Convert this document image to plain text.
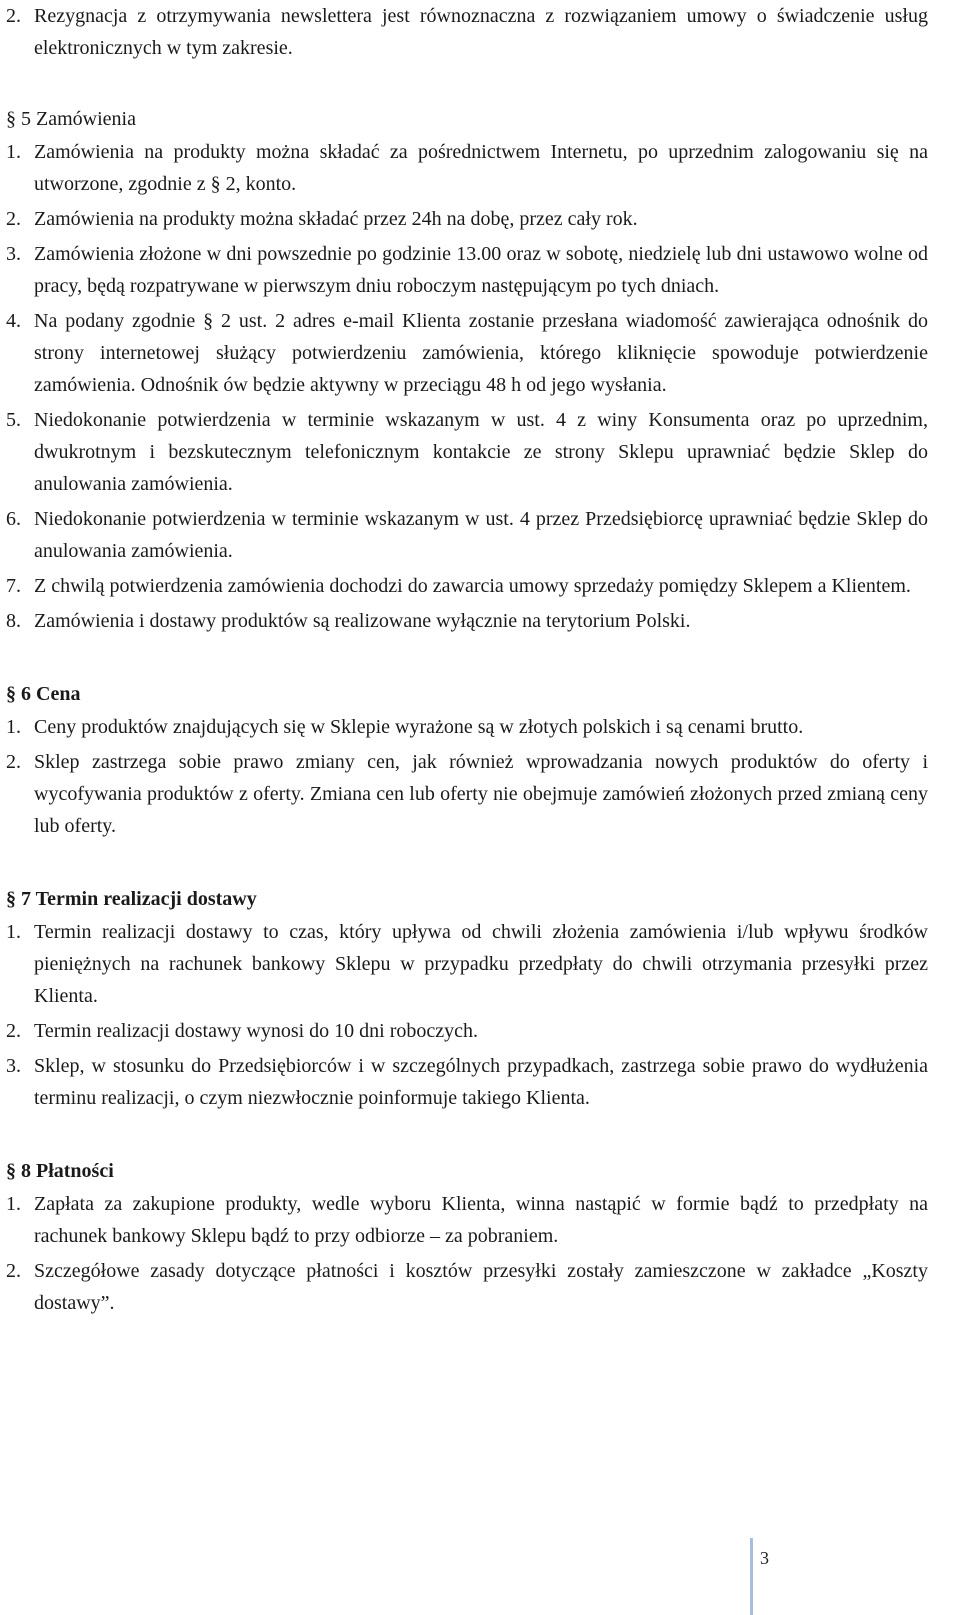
2. Rezygnacja z otrzymywania newslettera jest równoznaczna z rozwiązaniem umowy o świadczenie usług elektronicznych w tym zakresie.
§ 5 Zamówienia
1. Zamówienia na produkty można składać za pośrednictwem Internetu, po uprzednim zalogowaniu się na utworzone, zgodnie z § 2, konto.
2. Zamówienia na produkty można składać przez 24h na dobę, przez cały rok.
3. Zamówienia złożone w dni powszednie po godzinie 13.00 oraz w sobotę, niedzielę lub dni ustawowo wolne od pracy, będą rozpatrywane w pierwszym dniu roboczym następującym po tych dniach.
4. Na podany zgodnie § 2 ust. 2 adres e-mail Klienta zostanie przesłana wiadomość zawierająca odnośnik do strony internetowej służący potwierdzeniu zamówienia, którego kliknięcie spowoduje potwierdzenie zamówienia. Odnośnik ów będzie aktywny w przeciągu 48 h od jego wysłania.
5. Niedokonanie potwierdzenia w terminie wskazanym w ust. 4 z winy Konsumenta oraz po uprzednim, dwukrotnym i bezskutecznym telefonicznym kontakcie ze strony Sklepu uprawniać będzie Sklep do anulowania zamówienia.
6. Niedokonanie potwierdzenia w terminie wskazanym w ust. 4 przez Przedsiębiorcę uprawniać będzie Sklep do anulowania zamówienia.
7. Z chwilą potwierdzenia zamówienia dochodzi do zawarcia umowy sprzedaży pomiędzy Sklepem a Klientem.
8. Zamówienia i dostawy produktów są realizowane wyłącznie na terytorium Polski.
§ 6 Cena
1. Ceny produktów znajdujących się w Sklepie wyrażone są w złotych polskich i są cenami brutto.
2. Sklep zastrzega sobie prawo zmiany cen, jak również wprowadzania nowych produktów do oferty i wycofywania produktów z oferty. Zmiana cen lub oferty nie obejmuje zamówień złożonych przed zmianą ceny lub oferty.
§ 7 Termin realizacji dostawy
1. Termin realizacji dostawy to czas, który upływa od chwili złożenia zamówienia i/lub wpływu środków pieniężnych na rachunek bankowy Sklepu w przypadku przedpłaty do chwili otrzymania przesyłki przez Klienta.
2. Termin realizacji dostawy wynosi do 10 dni roboczych.
3. Sklep, w stosunku do Przedsiębiorców i w szczególnych przypadkach, zastrzega sobie prawo do wydłużenia terminu realizacji, o czym niezwłocznie poinformuje takiego Klienta.
§ 8 Płatności
1. Zapłata za zakupione produkty, wedle wyboru Klienta, winna nastąpić w formie bądź to przedpłaty na rachunek bankowy Sklepu bądź to przy odbiorze – za pobraniem.
2. Szczegółowe zasady dotyczące płatności i kosztów przesyłki zostały zamieszczone w zakładce „Koszty dostawy”.
3
